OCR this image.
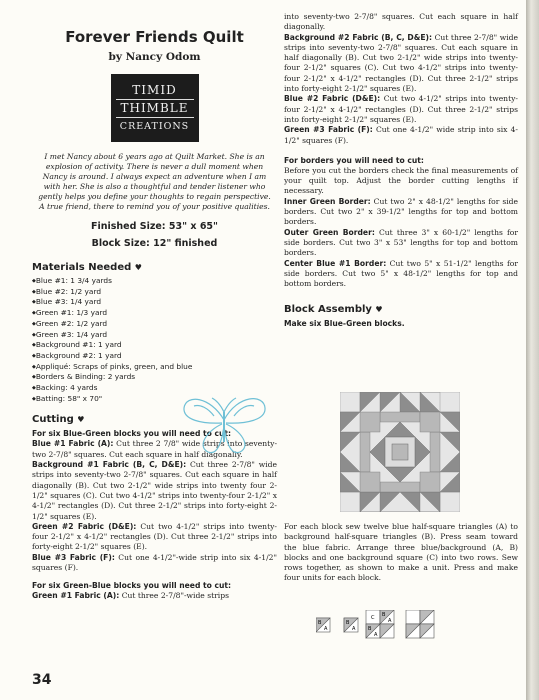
Forever Friends Quilt
by Nancy Odom
TIMID
THIMBLE
CREATIONS
I met Nancy about 6 years ago at Quilt Market. She is an explosion of activity. There is never a dull moment when Nancy is around. I always expect an adventure when I am with her. She is also a thoughtful and tender listener who gently helps you define your thoughts to regain perspective. A true friend, there to remind you of your positive qualities.
Finished Size: 53" x 65"
Block Size: 12" finished
Materials Needed ♥
◆ Blue #1: 1 3/4 yards
◆ Blue #2: 1/2 yard
◆ Blue #3: 1/4 yard
◆ Green #1: 1/3 yard
◆ Green #2: 1/2 yard
◆ Green #3: 1/4 yard
◆ Background #1: 1 yard
◆ Background #2: 1 yard
◆ Appliqué: Scraps of pinks, green, and blue
◆ Borders & Binding: 2 yards
◆ Backing: 4 yards
◆ Batting: 58" x 70"
Cutting ♥
For six Blue-Green blocks you will need to cut:

Blue #1 Fabric (A): Cut three 2 7/8" wide strips into seventy-two 2-7/8" squares. Cut each square in half diagonally.

Background #1 Fabric (B, C, D&E): Cut three 2-7/8" wide strips into seventy-two 2-7/8" squares. Cut each square in half diagonally (B). Cut two 2-1/2" wide strips into twenty four 2-1/2" squares (C). Cut two 4-1/2" strips into twenty-four 2-1/2" x 4-1/2" rectangles (D). Cut three 2-1/2" strips into forty-eight 2-1/2" squares (E).

Green #2 Fabric (D&E): Cut two 4-1/2" strips into twenty-four 2-1/2" x 4-1/2" rectangles (D). Cut three 2-1/2" strips into forty-eight 2-1/2" squares (E).

Blue #3 Fabric (F): Cut one 4-1/2"-wide strip into six 4-1/2" squares (F).

For six Green-Blue blocks you will need to cut:

Green #1 Fabric (A): Cut three 2-7/8"-wide strips

into seventy-two 2-7/8" squares. Cut each square in half diagonally.

Background #2 Fabric (B, C, D&E): Cut three 2-7/8" wide strips into seventy-two 2-7/8" squares. Cut each square in half diagonally (B). Cut two 2-1/2" wide strips into twenty-four 2-1/2" squares (C). Cut two 4-1/2" strips into twenty-four 2-1/2" x 4-1/2" rectangles (D). Cut three 2-1/2" strips into forty-eight 2-1/2" squares (E).

Blue #2 Fabric (D&E): Cut two 4-1/2" strips into twenty-four 2-1/2" x 4-1/2" rectangles (D). Cut three 2-1/2" strips into forty-eight 2-1/2" squares (E).

Green #3 Fabric (F): Cut one 4-1/2" wide strip into six 4-1/2" squares (F).

For borders you will need to cut:

Before you cut the borders check the final measurements of your quilt top. Adjust the border cutting lengths if necessary.

Inner Green Border: Cut two 2" x 48-1/2" lengths for side borders. Cut two 2" x 39-1/2" lengths for top and bottom borders.

Outer Green Border: Cut three 3" x 60-1/2" lengths for side borders. Cut two 3" x 53" lengths for top and bottom borders.

Center Blue #1 Border: Cut two 5" x 51-1/2" lengths for side borders. Cut two 5" x 48-1/2" lengths for top and bottom borders.

Block Assembly ♥
Make six Blue-Green blocks.

For each block sew twelve blue half-square triangles (A) to background half-square triangles (B). Press seam toward the blue fabric. Arrange three blue/background (A, B) blocks and one background square (C) into two rows. Sew rows together, as shown to make a unit. Press and make four units for each block.

B
A
B
A
C B
A
B
A
34
